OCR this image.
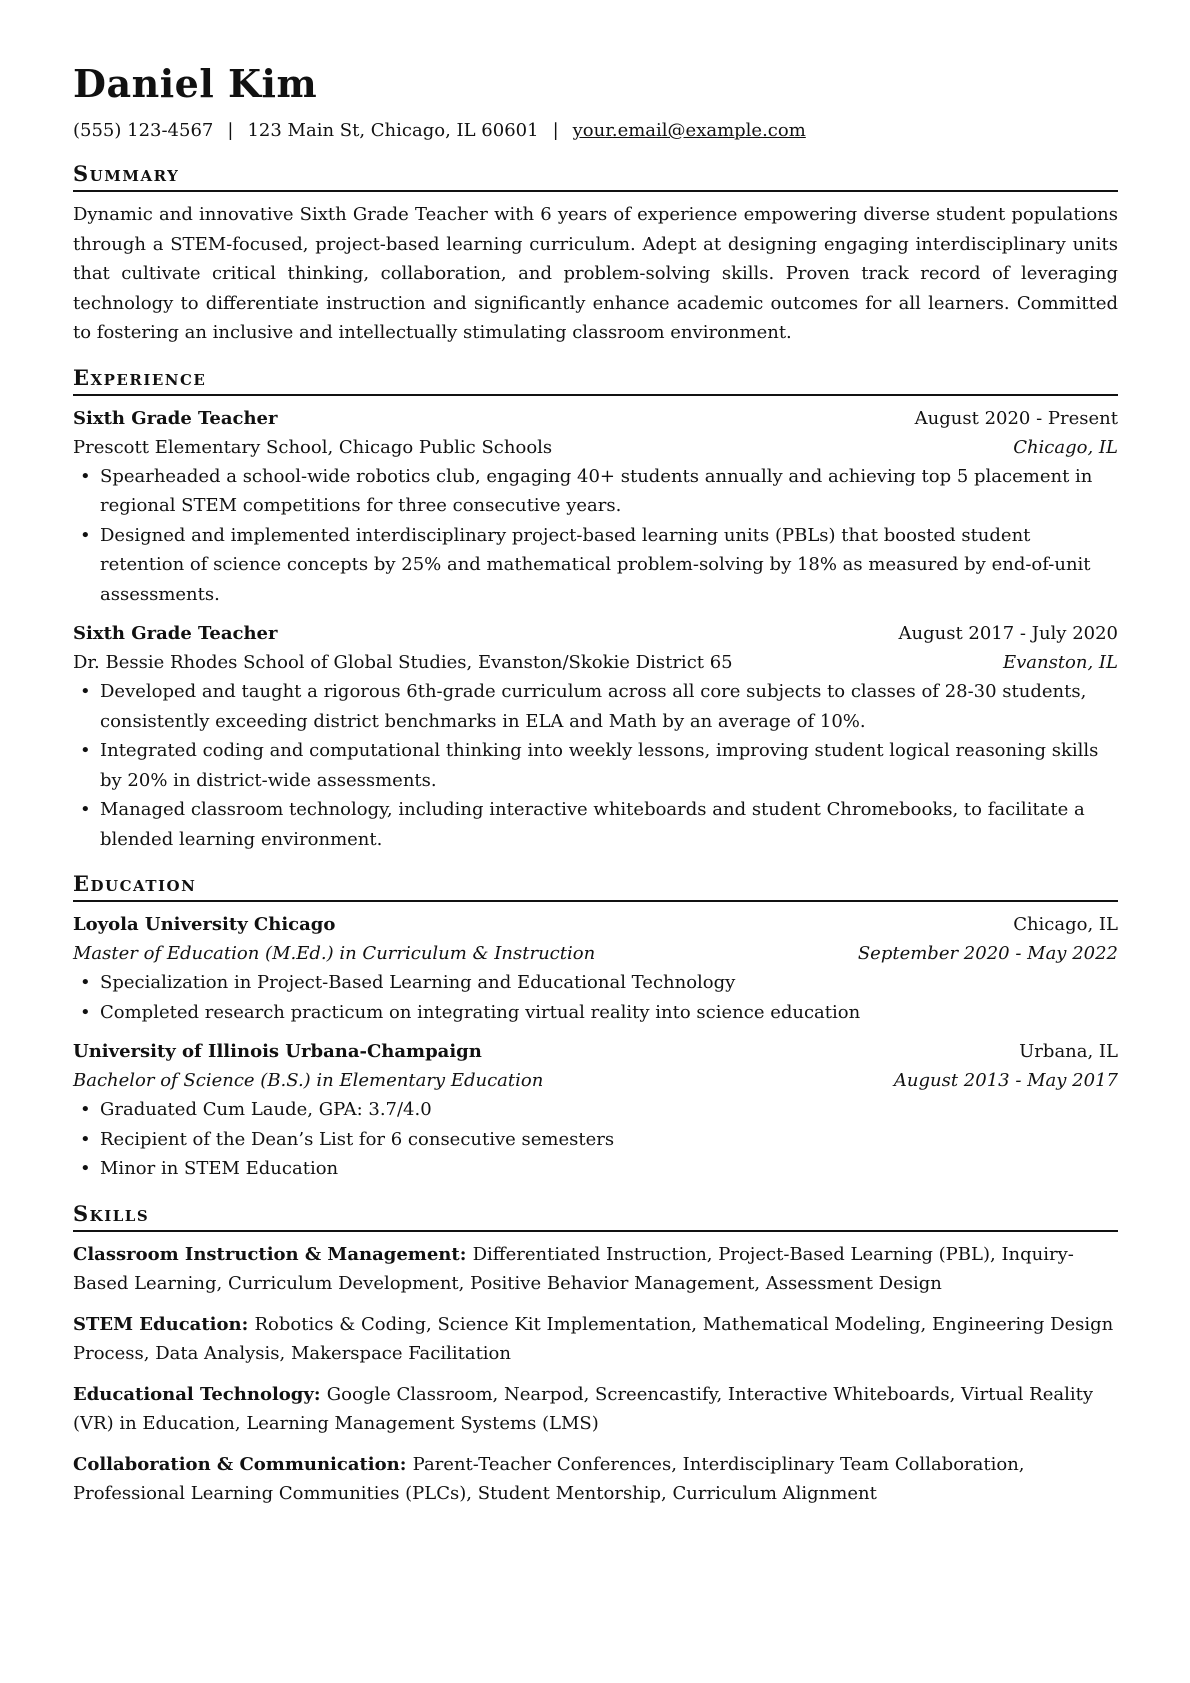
Daniel Kim
(555) 123-4567 | 123 Main St, Chicago, IL 60601 | your.email@example.com
Summary
Dynamic and innovative Sixth Grade Teacher with 6 years of experience empowering diverse student populations through a STEM-focused, project-based learning curriculum. Adept at designing engaging interdisciplinary units that cultivate critical thinking, collaboration, and problem-solving skills. Proven track record of leveraging technology to differentiate instruction and significantly enhance academic outcomes for all learners. Committed to fostering an inclusive and intellectually stimulating classroom environment.
Experience
Sixth Grade Teacher	August 2020 - Present
Prescott Elementary School, Chicago Public Schools	Chicago, IL
• Spearheaded a school-wide robotics club, engaging 40+ students annually and achieving top 5 placement in regional STEM competitions for three consecutive years.
• Designed and implemented interdisciplinary project-based learning units (PBLs) that boosted student retention of science concepts by 25% and mathematical problem-solving by 18% as measured by end-of-unit assessments.
Sixth Grade Teacher	August 2017 - July 2020
Dr. Bessie Rhodes School of Global Studies, Evanston/Skokie District 65	Evanston, IL
• Developed and taught a rigorous 6th-grade curriculum across all core subjects to classes of 28-30 students, consistently exceeding district benchmarks in ELA and Math by an average of 10%.
• Integrated coding and computational thinking into weekly lessons, improving student logical reasoning skills by 20% in district-wide assessments.
• Managed classroom technology, including interactive whiteboards and student Chromebooks, to facilitate a blended learning environment.
Education
Loyola University Chicago	Chicago, IL
Master of Education (M.Ed.) in Curriculum & Instruction	September 2020 - May 2022
• Specialization in Project-Based Learning and Educational Technology
• Completed research practicum on integrating virtual reality into science education
University of Illinois Urbana-Champaign	Urbana, IL
Bachelor of Science (B.S.) in Elementary Education	August 2013 - May 2017
• Graduated Cum Laude, GPA: 3.7/4.0
• Recipient of the Dean’s List for 6 consecutive semesters
• Minor in STEM Education
Skills
Classroom Instruction & Management: Differentiated Instruction, Project-Based Learning (PBL), Inquiry-Based Learning, Curriculum Development, Positive Behavior Management, Assessment Design
STEM Education: Robotics & Coding, Science Kit Implementation, Mathematical Modeling, Engineering Design Process, Data Analysis, Makerspace Facilitation
Educational Technology: Google Classroom, Nearpod, Screencastify, Interactive Whiteboards, Virtual Reality (VR) in Education, Learning Management Systems (LMS)
Collaboration & Communication: Parent-Teacher Conferences, Interdisciplinary Team Collaboration, Professional Learning Communities (PLCs), Student Mentorship, Curriculum Alignment
